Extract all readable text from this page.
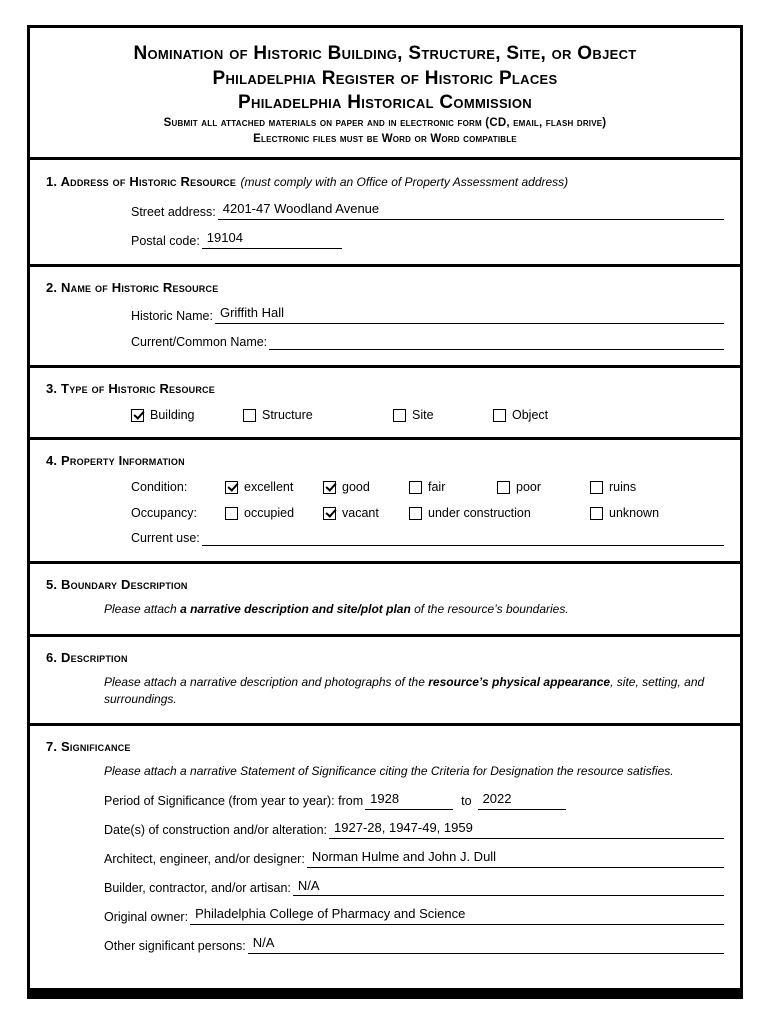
Nomination of Historic Building, Structure, Site, or Object
Philadelphia Register of Historic Places
Philadelphia Historical Commission
Submit all attached materials on paper and in electronic form (CD, email, flash drive)
Electronic files must be Word or Word compatible
1. Address of Historic Resource (must comply with an Office of Property Assessment address)
Street address: 4201-47 Woodland Avenue
Postal code: 19104
2. Name of Historic Resource
Historic Name: Griffith Hall
Current/Common Name:
3. Type of Historic Resource
Building	Structure	Site	Object
4. Property Information
Condition:	excellent	good	fair	poor	ruins
Occupancy:	occupied	vacant	under construction	unknown
Current use:
5. Boundary Description
Please attach a narrative description and site/plot plan of the resource’s boundaries.
6. Description
Please attach a narrative description and photographs of the resource’s physical appearance, site, setting, and surroundings.
7. Significance
Please attach a narrative Statement of Significance citing the Criteria for Designation the resource satisfies.
Period of Significance (from year to year): from 1928	to 2022
Date(s) of construction and/or alteration: 1927-28, 1947-49, 1959
Architect, engineer, and/or designer: Norman Hulme and John J. Dull
Builder, contractor, and/or artisan: N/A
Original owner: Philadelphia College of Pharmacy and Science
Other significant persons: N/A
